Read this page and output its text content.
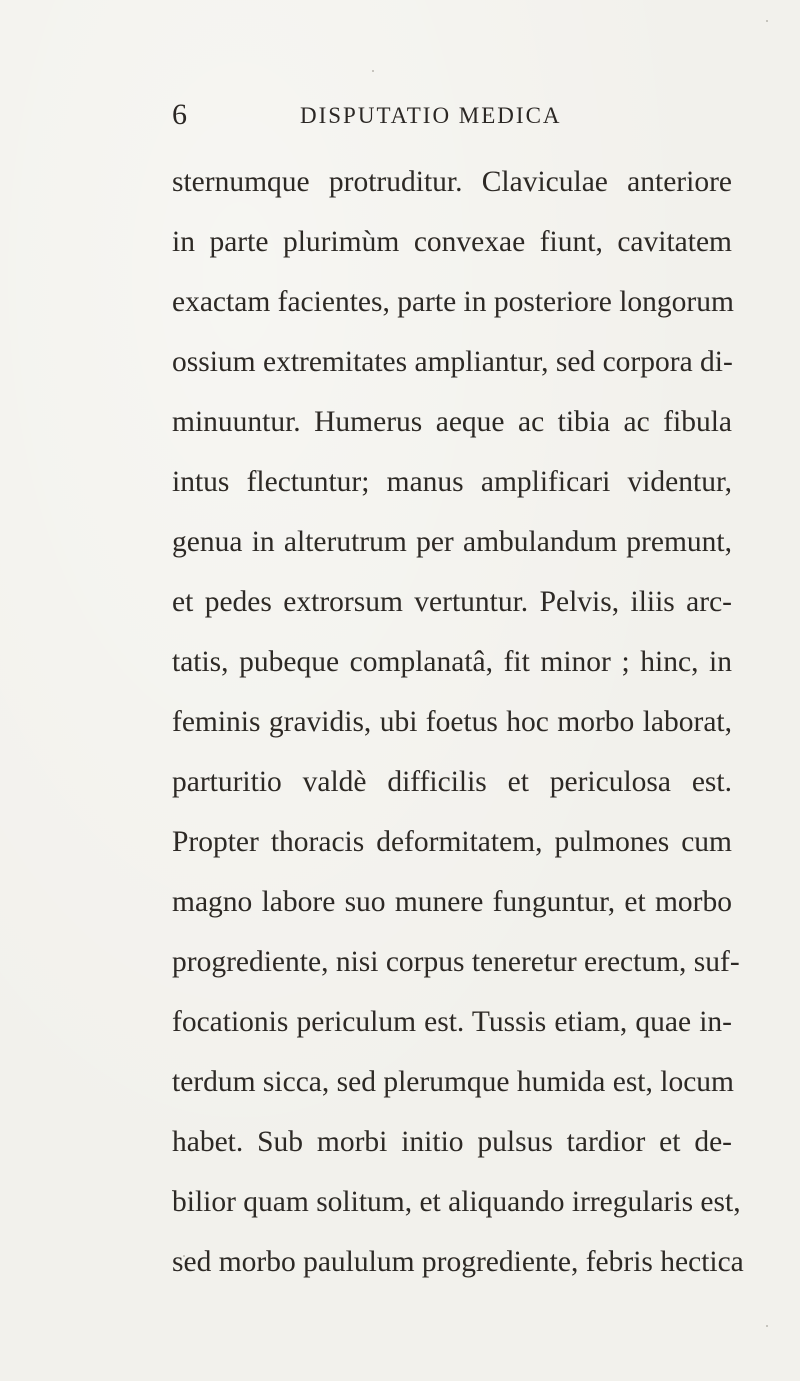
6	DISPUTATIO MEDICA
sternumque protruditur. Claviculae anteriore
in parte plurimùm convexae fiunt, cavitatem
exactam facientes, parte in posteriore longorum
ossium extremitates ampliantur, sed corpora di-
minuuntur. Humerus aeque ac tibia ac fibula
intus flectuntur; manus amplificari videntur,
genua in alterutrum per ambulandum premunt,
et pedes extrorsum vertuntur. Pelvis, iliis arc-
tatis, pubeque complanatâ, fit minor ; hinc, in
feminis gravidis, ubi foetus hoc morbo laborat,
parturitio valdè difficilis et periculosa est.
Propter thoracis deformitatem, pulmones cum
magno labore suo munere funguntur, et morbo
progrediente, nisi corpus teneretur erectum, suf-
focationis periculum est. Tussis etiam, quae in-
terdum sicca, sed plerumque humida est, locum
habet. Sub morbi initio pulsus tardior et de-
bilior quam solitum, et aliquando irregularis est,
sed morbo paululum progrediente, febris hectica
